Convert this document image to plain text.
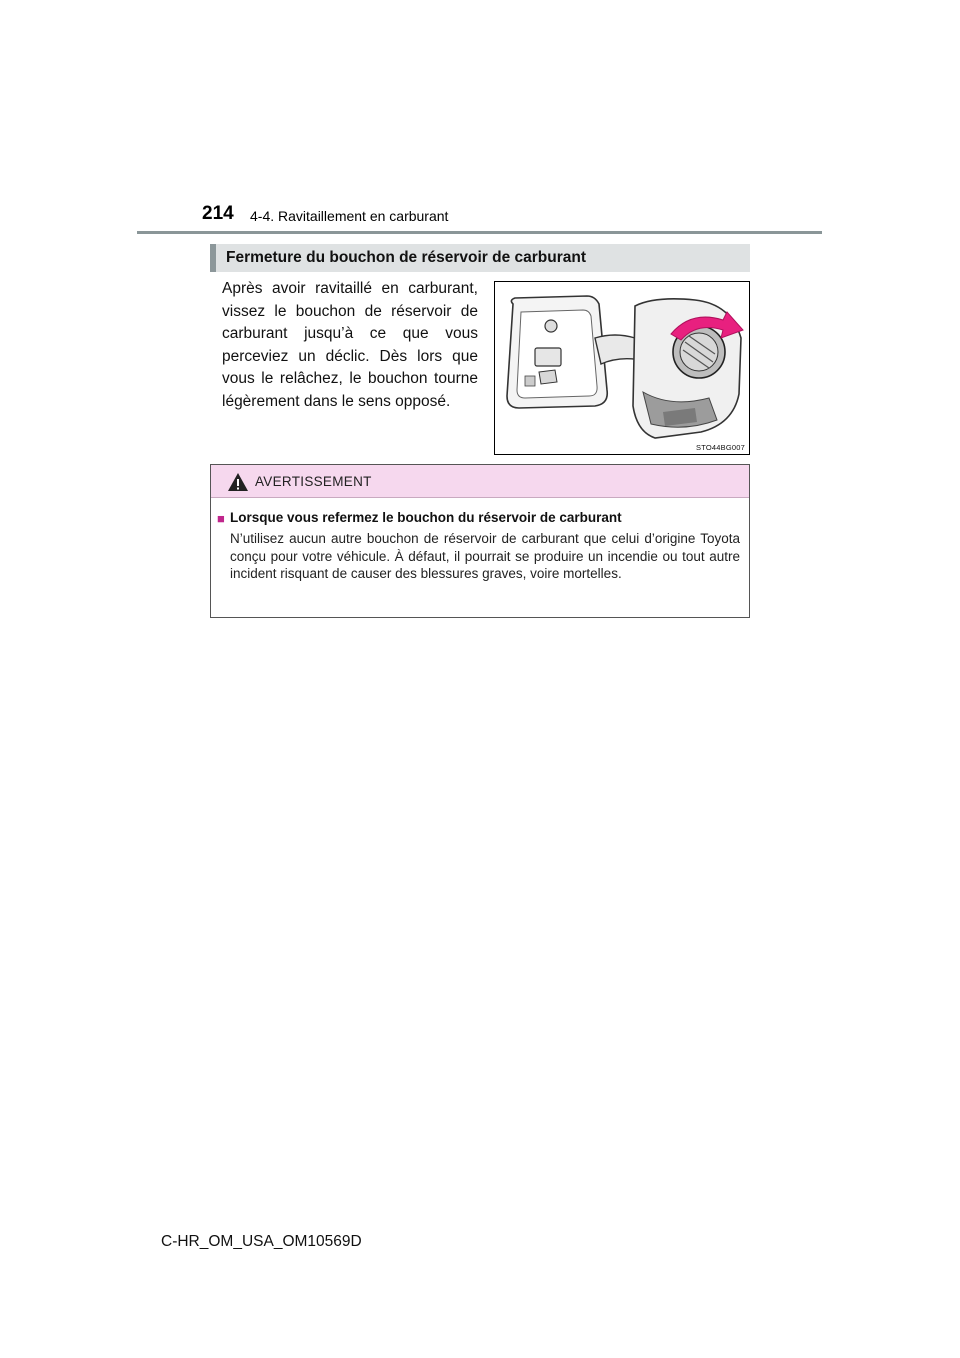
214 4-4. Ravitaillement en carburant
Fermeture du bouchon de réservoir de carburant
Après avoir ravitaillé en carburant, vissez le bouchon de réservoir de carburant jusqu’à ce que vous perceviez un déclic. Dès lors que vous le relâchez, le bouchon tourne légèrement dans le sens opposé.
STO44BG007
AVERTISSEMENT
■ Lorsque vous refermez le bouchon du réservoir de carburant
N’utilisez aucun autre bouchon de réservoir de carburant que celui d’origine Toyota conçu pour votre véhicule. À défaut, il pourrait se produire un incendie ou tout autre incident risquant de causer des blessures graves, voire mortelles.
C-HR_OM_USA_OM10569D
